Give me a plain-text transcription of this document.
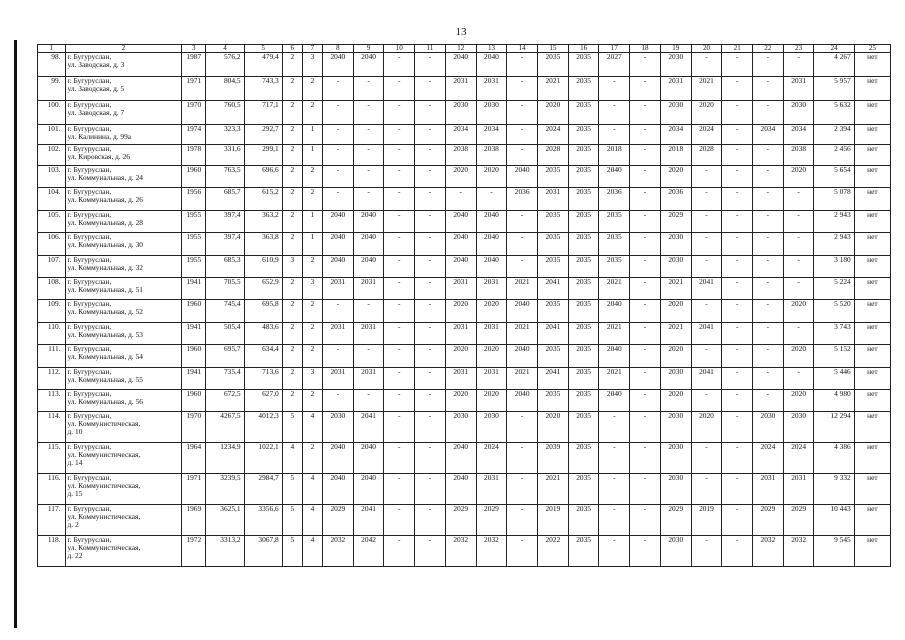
13
1	2	3	4	5	6	7	8	9	10	11	12	13	14	15	16	17	18	19	20	21	22	23	24	25
98.	г. Бугуруслан,
ул. Заводская, д. 3	1987	576,2	479,4	2	3	2040	2040	-	-	2040	2040	-	2035	2035	2027	-	2030	-	-	-	-	4 267	нет
99.	г. Бугуруслан,
ул. Заводская, д. 5	1971	804,5	743,3	2	2	-	-	-	-	2031	2031	-	2021	2035	-	-	2031	2021	-	-	2031	5 957	нет
100.	г. Бугуруслан,
ул. Заводская, д. 7	1970	760,5	717,1	2	2	-	-	-	-	2030	2030	-	2020	2035	-	-	2030	2020	-	-	2030	5 632	нет
101.	г. Бугуруслан,
ул. Калинина, д. 99а	1974	323,3	292,7	2	1	-	-	-	-	2034	2034	-	2024	2035	-	-	2034	2024	-	2034	2034	2 394	нет
102.	г. Бугуруслан,
ул. Кировская, д. 26	1978	331,6	299,1	2	1	-	-	-	-	2038	2038	-	2028	2035	2018	-	2018	2028	-	-	2038	2 456	нет
103.	г. Бугуруслан,
ул. Коммунальная, д. 24	1960	763,5	696,6	2	2	-	-	-	-	2020	2020	2040	2035	2035	2040	-	2020	-	-	-	2020	5 654	нет
104.	г. Бугуруслан,
ул. Коммунальная, д. 26	1956	685,7	615,2	2	2	-	-	-	-	-	-	2036	2031	2035	2036	-	2036	-	-	-	-	5 078	нет
105.	г. Бугуруслан,
ул. Коммунальная, д. 28	1955	397,4	363,2	2	1	2040	2040	-	-	2040	2040	-	2035	2035	2035	-	2029	-	-	-	-	2 943	нет
106.	г. Бугуруслан,
ул. Коммунальная, д. 30	1955	397,4	363,8	2	1	2040	2040	-	-	2040	2040	-	2035	2035	2035	-	2030	-	-	-	-	2 943	нет
107.	г. Бугуруслан,
ул. Коммунальная, д. 32	1955	685,3	610,9	3	2	2040	2040	-	-	2040	2040	-	2035	2035	2035	-	2030	-	-	-	-	3 180	нет
108.	г. Бугуруслан,
ул. Коммунальная, д. 51	1941	705,5	652,9	2	3	2031	2031	-	-	2031	2031	2021	2041	2035	2021	-	2021	2041	-	-	-	5 224	нет
109.	г. Бугуруслан,
ул. Коммунальная, д. 52	1960	745,4	695,8	2	2	-	-	-	-	2020	2020	2040	2035	2035	2040	-	2020	-	-	-	2020	5 520	нет
110.	г. Бугуруслан,
ул. Коммунальная, д. 53	1941	505,4	483,6	2	2	2031	2031	-	-	2031	2031	2021	2041	2035	2021	-	2021	2041	-	-	-	3 743	нет
111.	г. Бугуруслан,
ул. Коммунальная, д. 54	1960	695,7	634,4	2	2	-	-	-	-	2020	2020	2040	2035	2035	2040	-	2020	-	-	-	2020	5 152	нет
112.	г. Бугуруслан,
ул. Коммунальная, д. 55	1941	735,4	713,6	2	3	2031	2031	-	-	2031	2031	2021	2041	2035	2021	-	2030	2041	-	-	-	5 446	нет
113.	г. Бугуруслан,
ул. Коммунальная, д. 56	1960	672,5	627,0	2	2	-	-	-	-	2020	2020	2040	2035	2035	2040	-	2020	-	-	-	2020	4 980	нет
114.	г. Бугуруслан,
ул. Коммунистическая,
д. 10	1970	4267,5	4012,3	5	4	2030	2041	-	-	2030	2030	-	2020	2035	-	-	2030	2020	-	2030	2030	12 294	нет
115.	г. Бугуруслан,
ул. Коммунистическая,
д. 14	1964	1234,9	1022,1	4	2	2040	2040	-	-	2040	2024	-	2039	2035	-	-	2030	-	-	2024	2024	4 386	нет
116.	г. Бугуруслан,
ул. Коммунистическая,
д. 15	1971	3239,5	2984,7	5	4	2040	2040	-	-	2040	2031	-	2021	2035	-	-	2030	-	-	2031	2031	9 332	нет
117.	г. Бугуруслан,
ул. Коммунистическая,
д. 2	1969	3625,1	3356,6	5	4	2029	2041	-	-	2029	2029	-	2019	2035	-	-	2029	2019	-	2029	2029	10 443	нет
118.	г. Бугуруслан,
ул. Коммунистическая,
д. 22	1972	3313,2	3067,8	5	4	2032	2042	-	-	2032	2032	-	2022	2035	-	-	2030	-	-	2032	2032	9 545	нет
